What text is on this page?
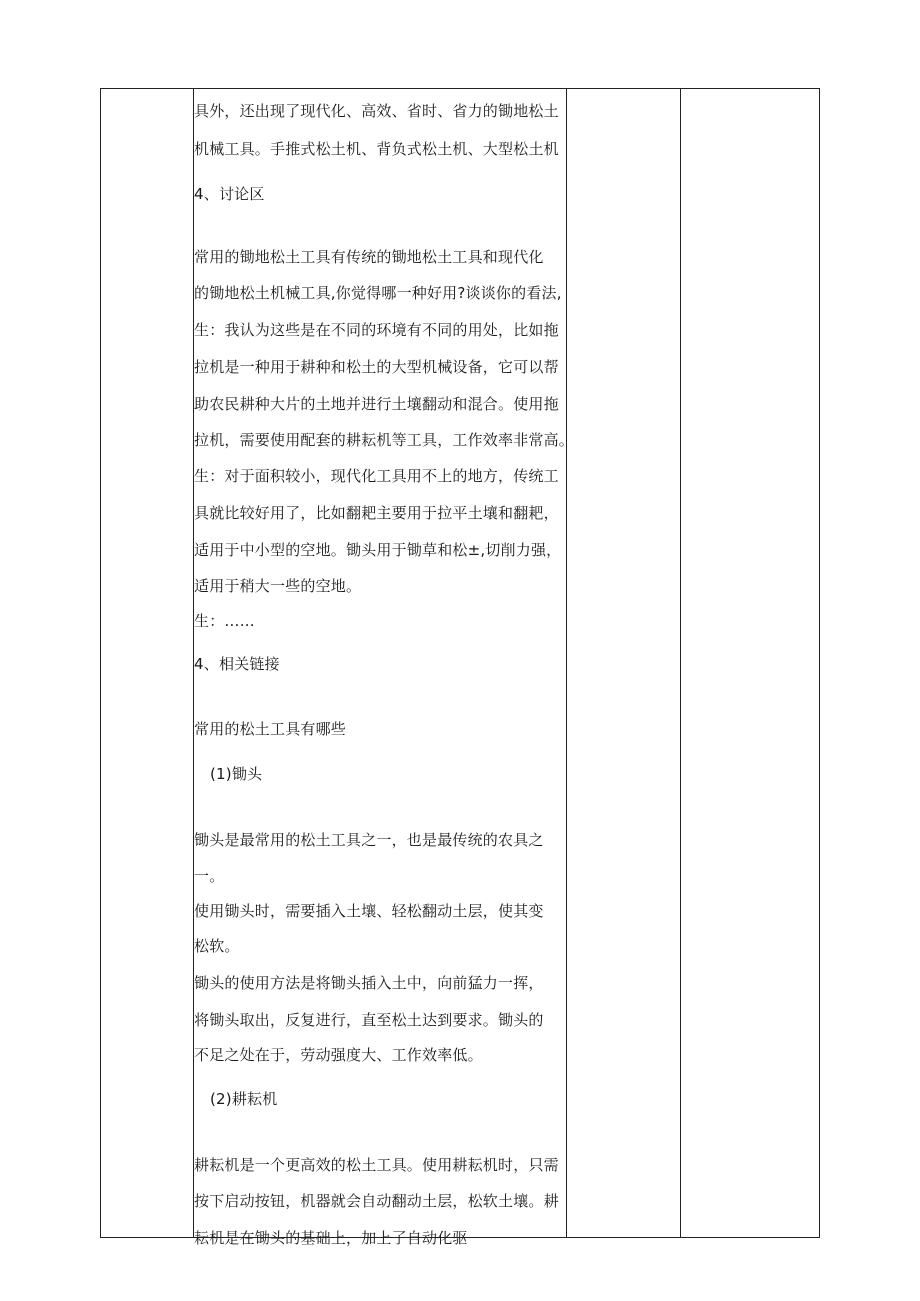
具外，还出现了现代化、高效、省时、省力的锄地松土
机械工具。手推式松土机、背负式松土机、大型松土机
4、讨论区
常用的锄地松土工具有传统的锄地松土工具和现代化
的锄地松土机械工具,你觉得哪一种好用?谈谈你的看法,
生：我认为这些是在不同的环境有不同的用处，比如拖
拉机是一种用于耕种和松土的大型机械设备，它可以帮
助农民耕种大片的土地并进行土壤翻动和混合。使用拖
拉机，需要使用配套的耕耘机等工具，工作效率非常高。
生：对于面积较小，现代化工具用不上的地方，传统工
具就比较好用了，比如翻耙主要用于拉平土壤和翻耙，
适用于中小型的空地。锄头用于锄草和松±,切削力强，
适用于稍大一些的空地。
生：……
4、相关链接
常用的松土工具有哪些
(1)锄头
锄头是最常用的松土工具之一，也是最传统的农具之
一。
使用锄头时，需要插入土壤、轻松翻动土层，使其变
松软。
锄头的使用方法是将锄头插入土中，向前猛力一挥，
将锄头取出，反复进行，直至松土达到要求。锄头的
不足之处在于，劳动强度大、工作效率低。
(2)耕耘机
耕耘机是一个更高效的松土工具。使用耕耘机时，只需
按下启动按钮，机器就会自动翻动土层，松软土壤。耕
耘机是在锄头的基础上，加上了自动化驱
